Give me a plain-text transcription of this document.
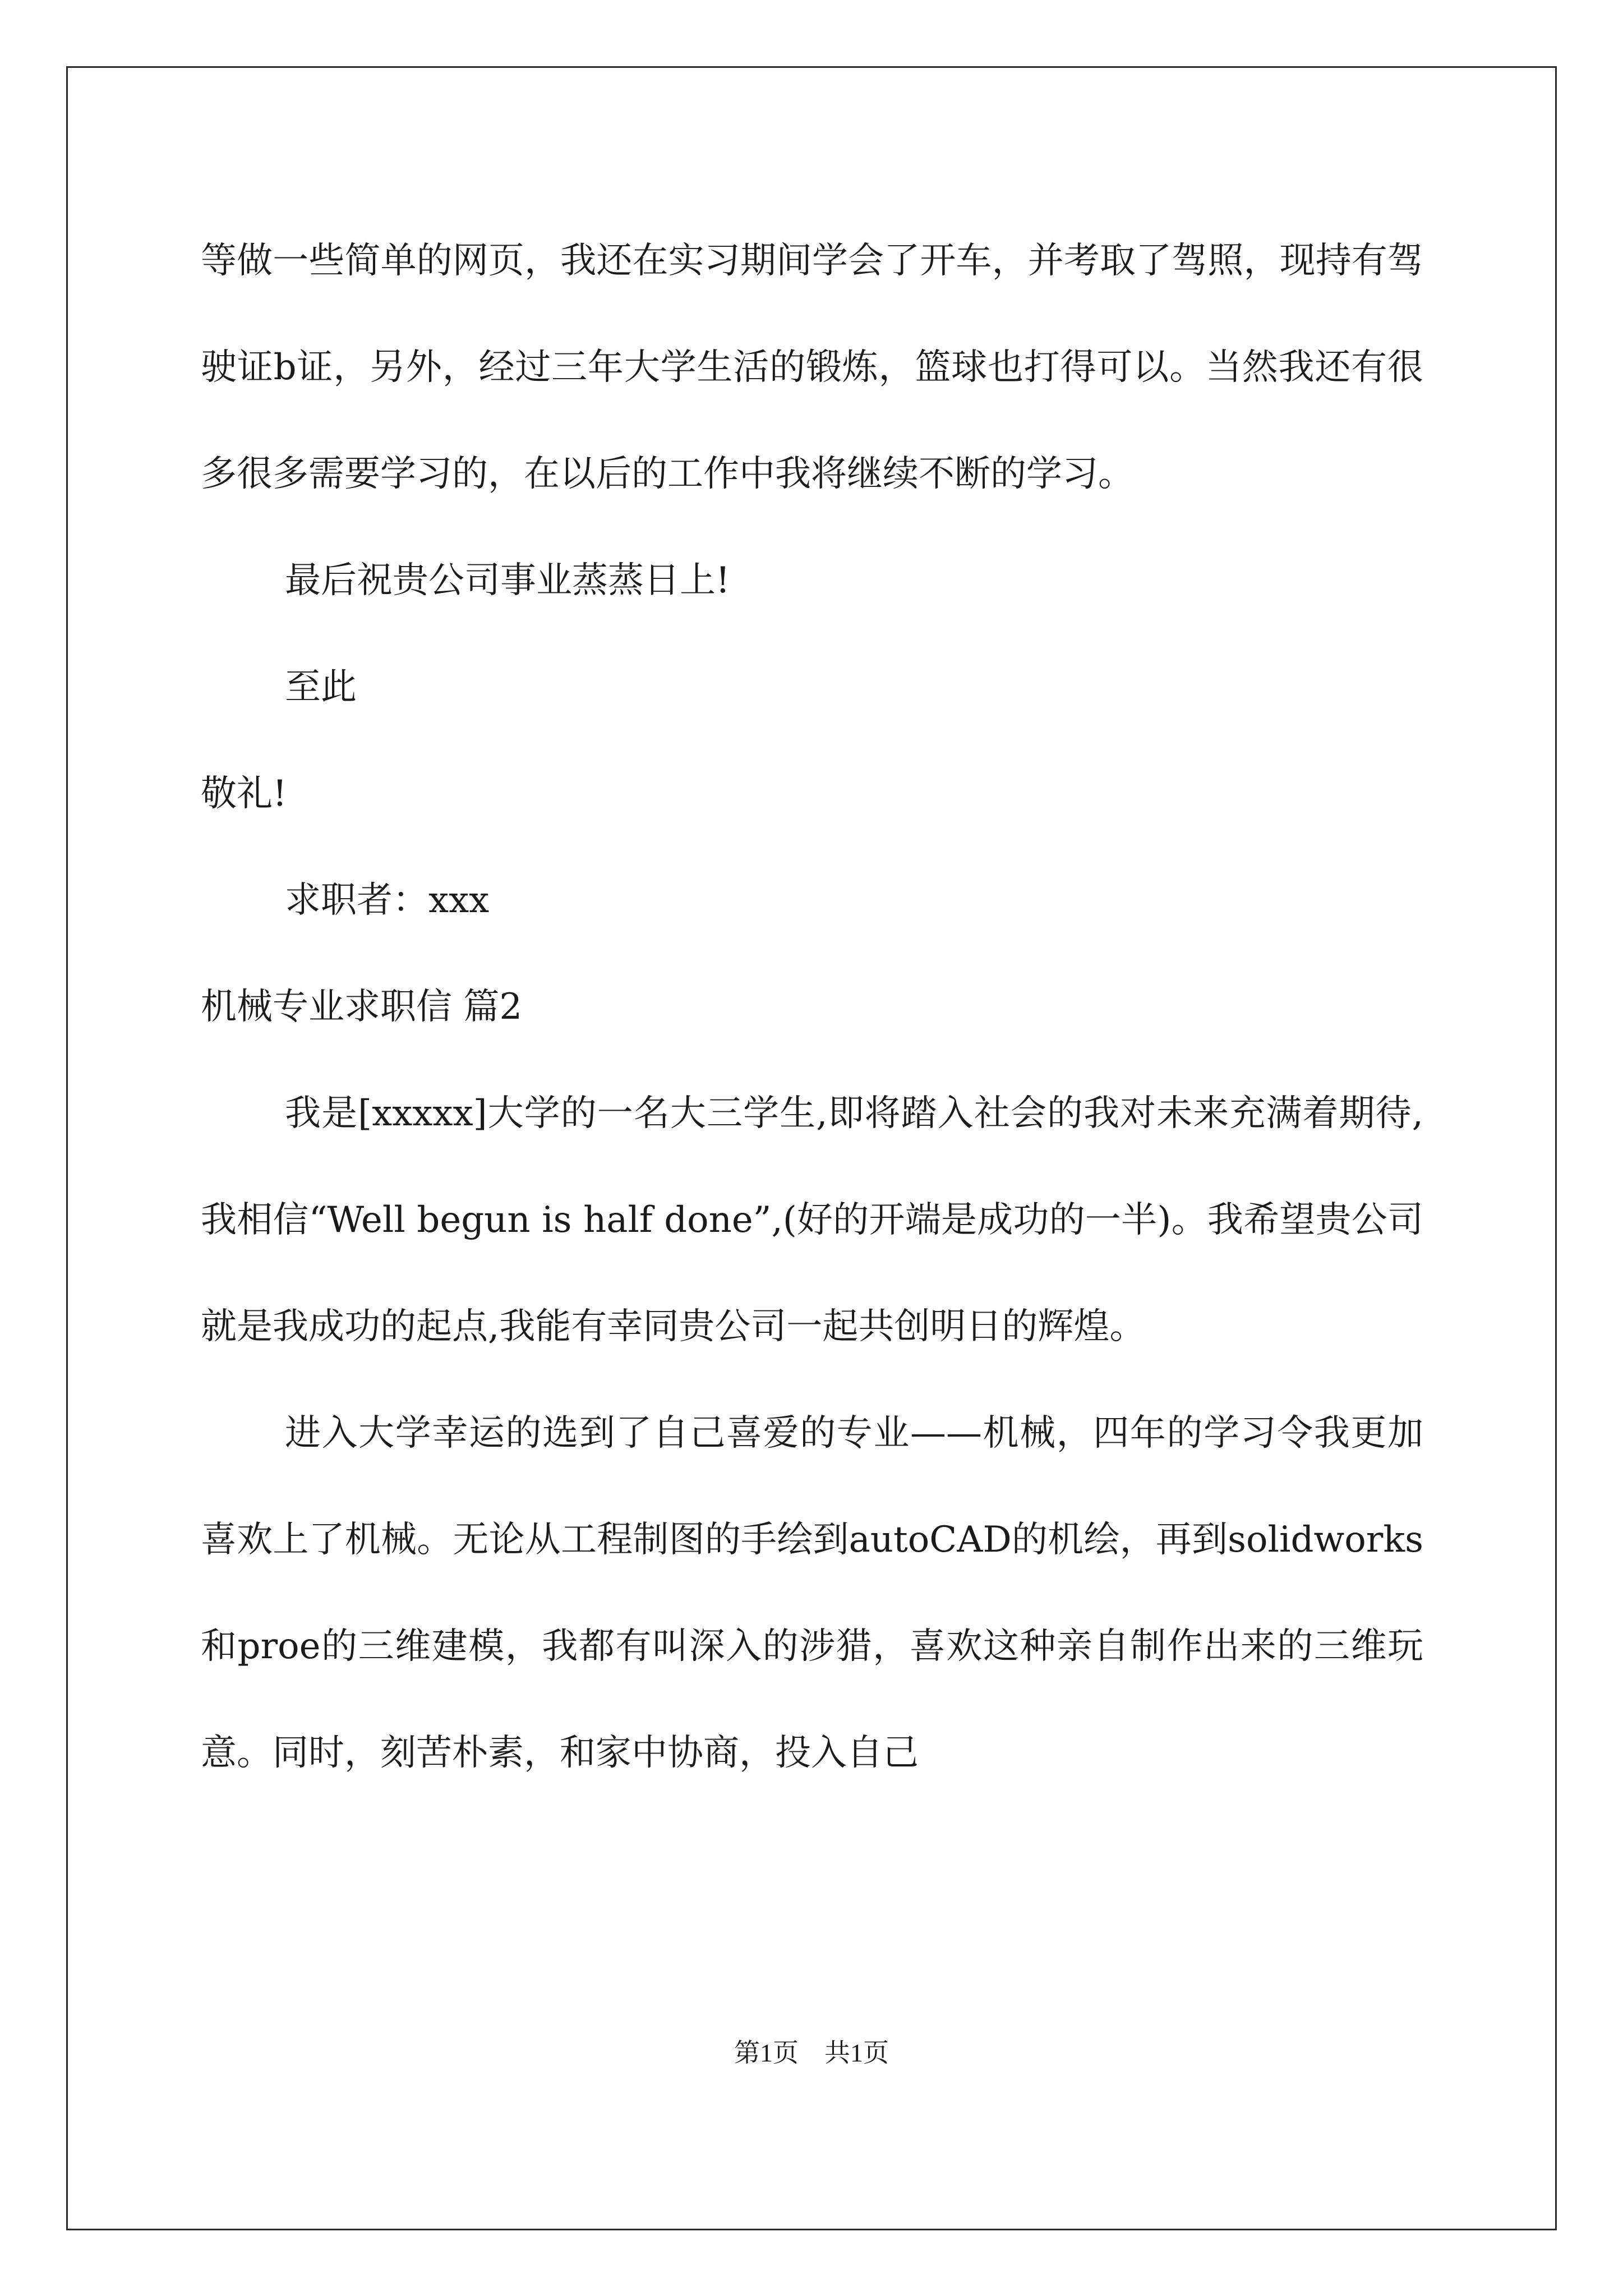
等做一些简单的网页，我还在实习期间学会了开车，并考取了驾照，现持有驾驶证b证，另外，经过三年大学生活的锻炼，篮球也打得可以。当然我还有很多很多需要学习的，在以后的工作中我将继续不断的学习。

最后祝贵公司事业蒸蒸日上!

至此

敬礼!

求职者：xxx

机械专业求职信 篇2

我是[xxxxx]大学的一名大三学生,即将踏入社会的我对未来充满着期待,我相信“Well begun is half done”,(好的开端是成功的一半)。我希望贵公司就是我成功的起点,我能有幸同贵公司一起共创明日的辉煌。

进入大学幸运的选到了自己喜爱的专业——机械，四年的学习令我更加喜欢上了机械。无论从工程制图的手绘到autoCAD的机绘，再到solidworks和proe的三维建模，我都有叫深入的涉猎，喜欢这种亲自制作出来的三维玩意。同时，刻苦朴素，和家中协商，投入自己

第1页　共1页
